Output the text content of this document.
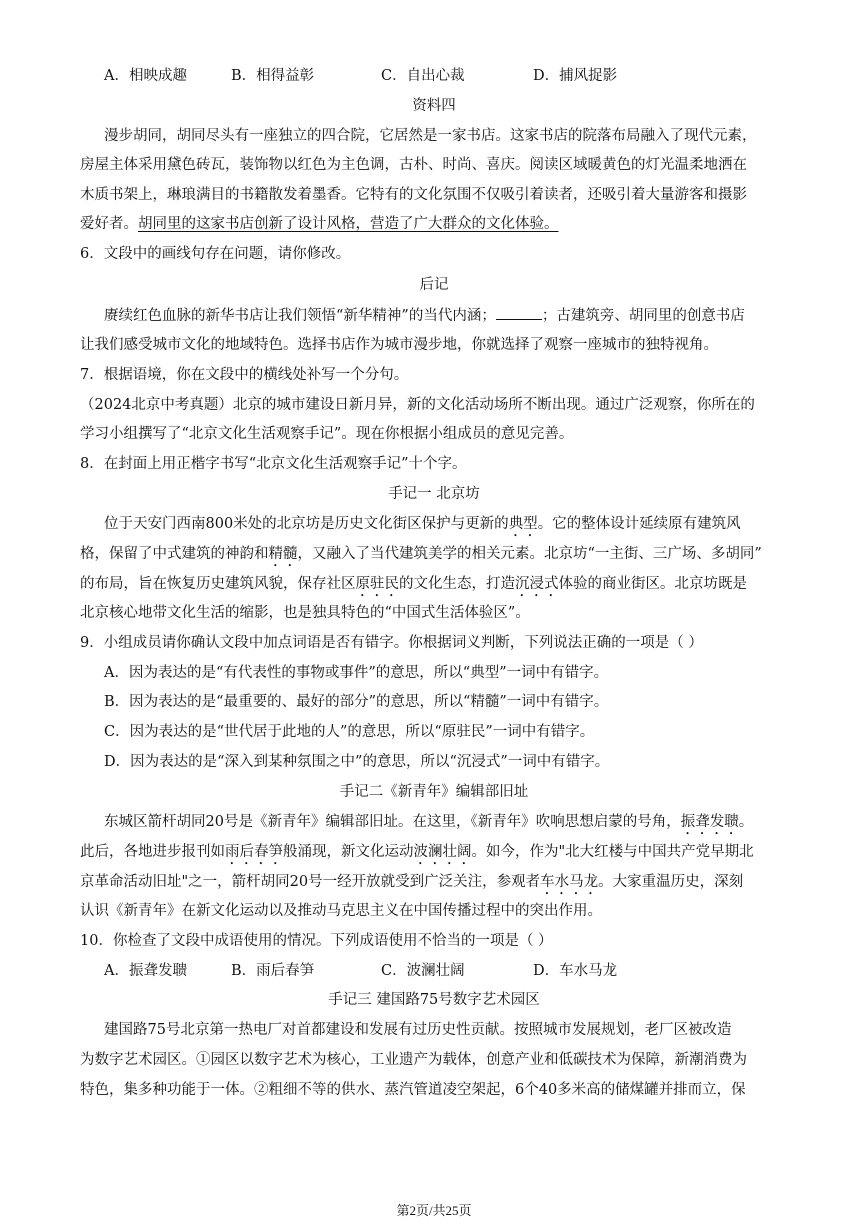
A．相映成趣	B．相得益彰	C．自出心裁	D．捕风捉影
资料四
漫步胡同，胡同尽头有一座独立的四合院，它居然是一家书店。这家书店的院落布局融入了现代元素，
房屋主体采用黛色砖瓦，装饰物以红色为主色调，古朴、时尚、喜庆。阅读区域暖黄色的灯光温柔地洒在
木质书架上，琳琅满目的书籍散发着墨香。它特有的文化氛围不仅吸引着读者，还吸引着大量游客和摄影
爱好者。胡同里的这家书店创新了设计风格，营造了广大群众的文化体验。
6．文段中的画线句存在问题，请你修改。
后记
赓续红色血脉的新华书店让我们领悟“新华精神”的当代内涵；	；古建筑旁、胡同里的创意书店
让我们感受城市文化的地域特色。选择书店作为城市漫步地，你就选择了观察一座城市的独特视角。
7．根据语境，你在文段中的横线处补写一个分句。
（2024北京中考真题）北京的城市建设日新月异，新的文化活动场所不断出现。通过广泛观察，你所在的
学习小组撰写了“北京文化生活观察手记”。现在你根据小组成员的意见完善。
8．在封面上用正楷字书写“北京文化生活观察手记”十个字。
手记一 北京坊
位于天安门西南800米处的北京坊是历史文化街区保护与更新的典型。它的整体设计延续原有建筑风
格，保留了中式建筑的神韵和精髓，又融入了当代建筑美学的相关元素。北京坊“一主街、三广场、多胡同”
的布局，旨在恢复历史建筑风貌，保存社区原驻民的文化生态，打造沉浸式体验的商业街区。北京坊既是
北京核心地带文化生活的缩影，也是独具特色的“中国式生活体验区”。
9．小组成员请你确认文段中加点词语是否有错字。你根据词义判断，下列说法正确的一项是（ ）
A．因为表达的是“有代表性的事物或事件”的意思，所以“典型”一词中有错字。
B．因为表达的是“最重要的、最好的部分”的意思，所以“精髓”一词中有错字。
C．因为表达的是“世代居于此地的人”的意思，所以“原驻民”一词中有错字。
D．因为表达的是“深入到某种氛围之中”的意思，所以“沉浸式”一词中有错字。
手记二《新青年》编辑部旧址
东城区箭杆胡同20号是《新青年》编辑部旧址。在这里，《新青年》吹响思想启蒙的号角，振聋发聩。
此后，各地进步报刊如雨后春笋般涌现，新文化运动波澜壮阔。如今，作为"北大红楼与中国共产党早期北
京革命活动旧址"之一，箭杆胡同20号一经开放就受到广泛关注，参观者车水马龙。大家重温历史，深刻
认识《新青年》在新文化运动以及推动马克思主义在中国传播过程中的突出作用。
10．你检查了文段中成语使用的情况。下列成语使用不恰当的一项是（ ）
A．振聋发聩	B．雨后春笋	C．波澜壮阔	D．车水马龙
手记三 建国路75号数字艺术园区
建国路75号北京第一热电厂对首都建设和发展有过历史性贡献。按照城市发展规划，老厂区被改造
为数字艺术园区。①园区以数字艺术为核心，工业遗产为载体，创意产业和低碳技术为保障，新潮消费为
特色，集多种功能于一体。②粗细不等的供水、蒸汽管道凌空架起，6个40多米高的储煤罐并排而立，保
第2页/共25页
